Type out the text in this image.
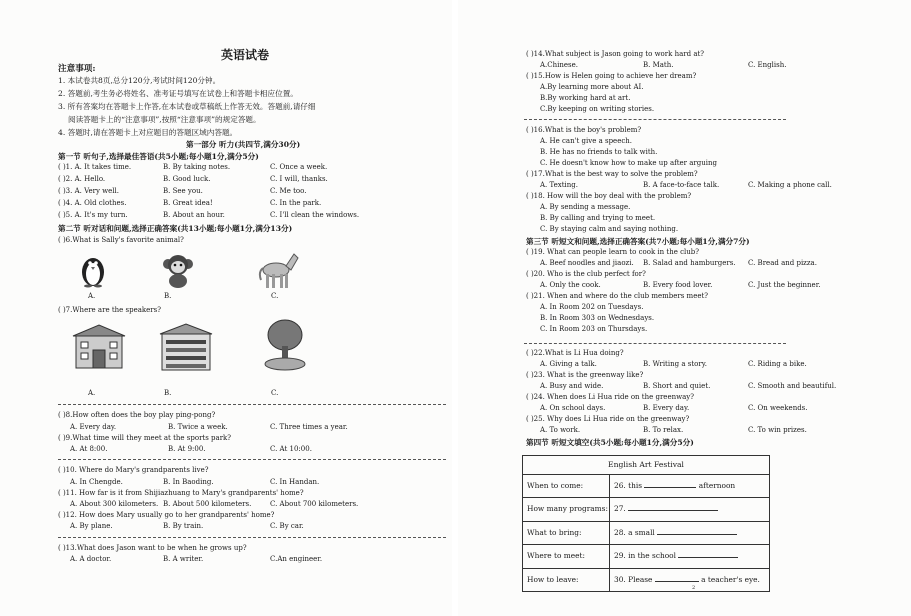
英语试卷
注意事项:
1. 本试卷共8页,总分120分,考试时间120分钟。
2. 答题前,考生务必将姓名、准考证号填写在试卷上和答题卡相应位置。
3. 所有答案均在答题卡上作答,在本试卷或草稿纸上作答无效。答题前,请仔细
阅读答题卡上的“注意事项”,按照“注意事项”的规定答题。
4. 答题时,请在答题卡上对应题目的答题区域内答题。
第一部分 听力(共四节,满分30分)
第一节 听句子,选择最佳答语(共5小题;每小题1分,满分5分)
( )1. A. It takes time.	B. By taking notes.	C. Once a week.
( )2. A. Hello.	B. Good luck.	C. I will, thanks.
( )3. A. Very well.	B. See you.	C. Me too.
( )4. A. Old clothes.	B. Great idea!	C. In the park.
( )5. A. It's my turn.	B. About an hour.	C. I'll clean the windows.
第二节 听对话和问题,选择正确答案(共13小题;每小题1分,满分13分)
( )6.What is Sally's favorite animal?
A.	B.	C.
( )7.Where are the speakers?
A.	B.	C.
( )8.How often does the boy play ping-pong?
A. Every day.	B. Twice a week.	C. Three times a year.
( )9.What time will they meet at the sports park?
A. At 8:00.	B. At 9:00.	C. At 10:00.
( )10. Where do Mary's grandparents live?
A. In Chengde.	B. In Baoding.	C. In Handan.
( )11. How far is it from Shijiazhuang to Mary's grandparents' home?
A. About 300 kilometers. B. About 500 kilometers.	C. About 700 kilometers.
( )12. How does Mary usually go to her grandparents' home?
A. By plane.	B. By train.	C. By car.
( )13.What does Jason want to be when he grows up?
A. A doctor.	B. A writer.	C.An engineer.
( )14.What subject is Jason going to work hard at?
A.Chinese.	B. Math.	C. English.
( )15.How is Helen going to achieve her dream?
A.By learning more about AI.
B.By working hard at art.
C.By keeping on writing stories.
( )16.What is the boy's problem?
A. He can't give a speech.
B. He has no friends to talk with.
C. He doesn't know how to make up after arguing
( )17.What is the best way to solve the problem?
A. Texting.	B. A face-to-face talk.	C. Making a phone call.
( )18. How will the boy deal with the problem?
A. By sending a message.
B. By calling and trying to meet.
C. By staying calm and saying nothing.
第三节 听短文和问题,选择正确答案(共7小题;每小题1分,满分7分)
( )19. What can people learn to cook in the club?
A. Beef noodles and jiaozi. B. Salad and hamburgers. C. Bread and pizza.
( )20. Who is the club perfect for?
A. Only the cook.	B. Every food lover.	C. Just the beginner.
( )21. When and where do the club members meet?
A. In Room 202 on Tuesdays.
B. In Room 303 on Wednesdays.
C. In Room 203 on Thursdays.
( )22.What is Li Hua doing?
A. Giving a talk.	B. Writing a story.	C. Riding a bike.
( )23. What is the greenway like?
A. Busy and wide.	B. Short and quiet.	C. Smooth and beautiful.
( )24. When does Li Hua ride on the greenway?
A. On school days.	B. Every day.	C. On weekends.
( )25. Why does Li Hua ride on the greenway?
A. To work.	B. To relax.	C. To win prizes.
第四节 听短文填空(共5小题;每小题1分,满分5分)
English Art Festival
When to come:	26. this	afternoon
How many programs: 27.
What to bring:	28. a small
Where to meet:	29. in the school
How to leave:	30. Please	a teacher's eye.
2
